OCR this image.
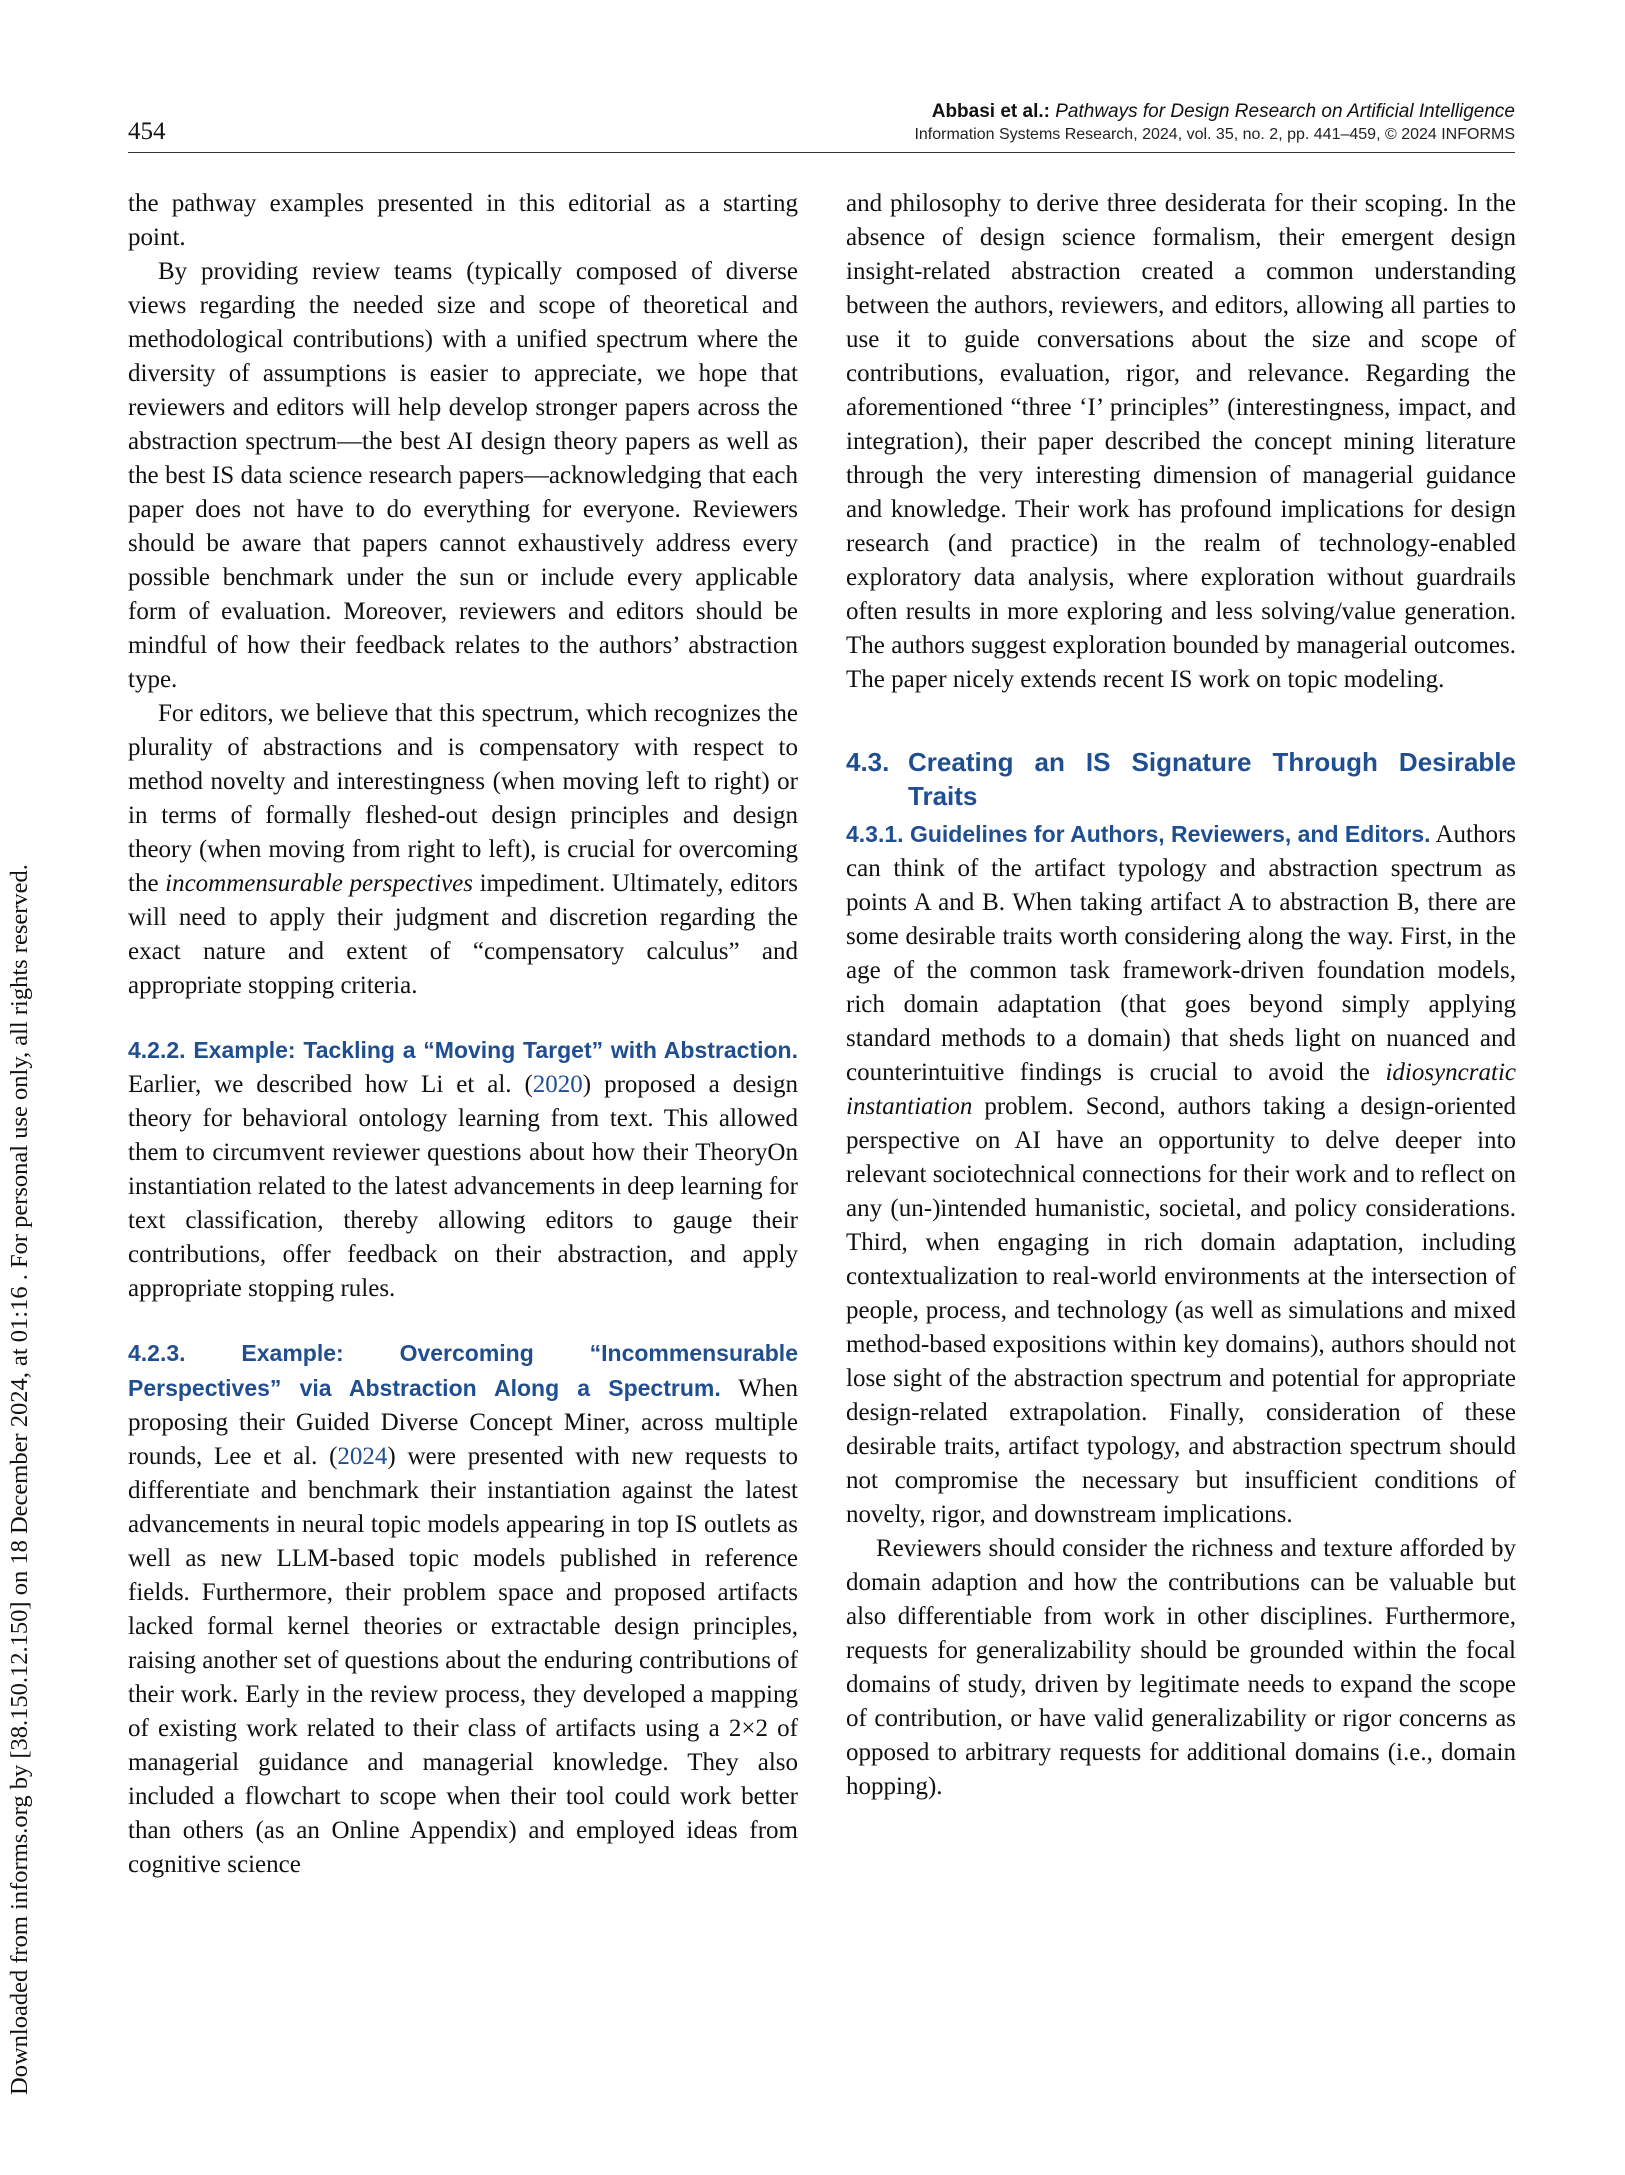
454
Abbasi et al.: Pathways for Design Research on Artificial Intelligence
Information Systems Research, 2024, vol. 35, no. 2, pp. 441–459, © 2024 INFORMS
Downloaded from informs.org by [38.150.12.150] on 18 December 2024, at 01:16 . For personal use only, all rights reserved.

the pathway examples presented in this editorial as a starting point.

By providing review teams (typically composed of diverse views regarding the needed size and scope of theoretical and methodological contributions) with a unified spectrum where the diversity of assumptions is easier to appreciate, we hope that reviewers and editors will help develop stronger papers across the abstraction spectrum—the best AI design theory papers as well as the best IS data science research papers—acknowledging that each paper does not have to do everything for everyone. Reviewers should be aware that papers cannot exhaustively address every possible benchmark under the sun or include every applicable form of evaluation. Moreover, reviewers and editors should be mindful of how their feedback relates to the authors’ abstraction type.

For editors, we believe that this spectrum, which recognizes the plurality of abstractions and is compensatory with respect to method novelty and interestingness (when moving left to right) or in terms of formally fleshed-out design principles and design theory (when moving from right to left), is crucial for overcoming the incommensurable perspectives impediment. Ultimately, editors will need to apply their judgment and discretion regarding the exact nature and extent of “compensatory calculus” and appropriate stopping criteria.

4.2.2. Example: Tackling a “Moving Target” with Abstraction. Earlier, we described how Li et al. (2020) proposed a design theory for behavioral ontology learning from text. This allowed them to circumvent reviewer questions about how their TheoryOn instantiation related to the latest advancements in deep learning for text classification, thereby allowing editors to gauge their contributions, offer feedback on their abstraction, and apply appropriate stopping rules.

4.2.3. Example: Overcoming “Incommensurable Perspectives” via Abstraction Along a Spectrum. When proposing their Guided Diverse Concept Miner, across multiple rounds, Lee et al. (2024) were presented with new requests to differentiate and benchmark their instantiation against the latest advancements in neural topic models appearing in top IS outlets as well as new LLM-based topic models published in reference fields. Furthermore, their problem space and proposed artifacts lacked formal kernel theories or extractable design principles, raising another set of questions about the enduring contributions of their work. Early in the review process, they developed a mapping of existing work related to their class of artifacts using a 2×2 of managerial guidance and managerial knowledge. They also included a flowchart to scope when their tool could work better than others (as an Online Appendix) and employed ideas from cognitive science

and philosophy to derive three desiderata for their scoping. In the absence of design science formalism, their emergent design insight-related abstraction created a common understanding between the authors, reviewers, and editors, allowing all parties to use it to guide conversations about the size and scope of contributions, evaluation, rigor, and relevance. Regarding the aforementioned “three ‘I’ principles” (interestingness, impact, and integration), their paper described the concept mining literature through the very interesting dimension of managerial guidance and knowledge. Their work has profound implications for design research (and practice) in the realm of technology-enabled exploratory data analysis, where exploration without guardrails often results in more exploring and less solving/value generation. The authors suggest exploration bounded by managerial outcomes. The paper nicely extends recent IS work on topic modeling.

4.3. Creating an IS Signature Through Desirable Traits

4.3.1. Guidelines for Authors, Reviewers, and Editors. Authors can think of the artifact typology and abstraction spectrum as points A and B. When taking artifact A to abstraction B, there are some desirable traits worth considering along the way. First, in the age of the common task framework-driven foundation models, rich domain adaptation (that goes beyond simply applying standard methods to a domain) that sheds light on nuanced and counterintuitive findings is crucial to avoid the idiosyncratic instantiation problem. Second, authors taking a design-oriented perspective on AI have an opportunity to delve deeper into relevant sociotechnical connections for their work and to reflect on any (un-)intended humanistic, societal, and policy considerations. Third, when engaging in rich domain adaptation, including contextualization to real-world environments at the intersection of people, process, and technology (as well as simulations and mixed method-based expositions within key domains), authors should not lose sight of the abstraction spectrum and potential for appropriate design-related extrapolation. Finally, consideration of these desirable traits, artifact typology, and abstraction spectrum should not compromise the necessary but insufficient conditions of novelty, rigor, and downstream implications.

Reviewers should consider the richness and texture afforded by domain adaption and how the contributions can be valuable but also differentiable from work in other disciplines. Furthermore, requests for generalizability should be grounded within the focal domains of study, driven by legitimate needs to expand the scope of contribution, or have valid generalizability or rigor concerns as opposed to arbitrary requests for additional domains (i.e., domain hopping).
